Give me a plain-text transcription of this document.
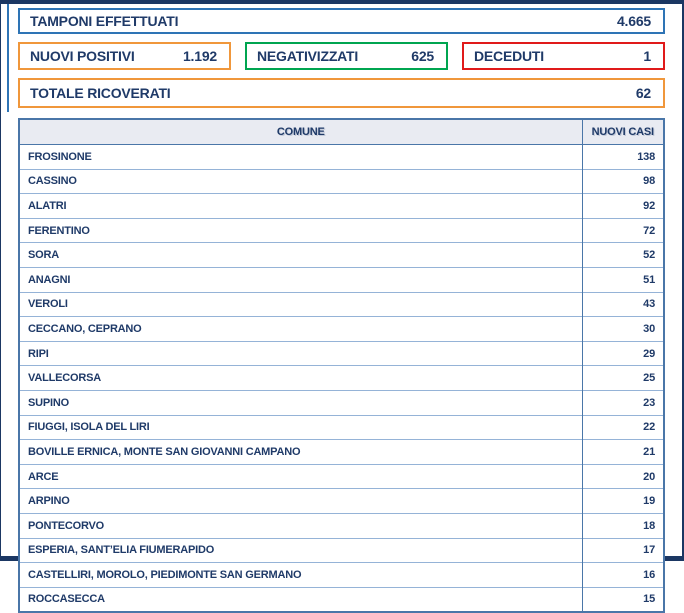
TAMPONI EFFETTUATI	4.665
NUOVI POSITIVI	1.192	NEGATIVIZZATI	625	DECEDUTI	1
TOTALE RICOVERATI	62
COMUNE	NUOVI CASI
FROSINONE	138
CASSINO	98
ALATRI	92
FERENTINO	72
SORA	52
ANAGNI	51
VEROLI	43
CECCANO, CEPRANO	30
RIPI	29
VALLECORSA	25
SUPINO	23
FIUGGI, ISOLA DEL LIRI	22
BOVILLE ERNICA, MONTE SAN GIOVANNI CAMPANO	21
ARCE	20
ARPINO	19
PONTECORVO	18
ESPERIA, SANT’ELIA FIUMERAPIDO	17
CASTELLIRI, MOROLO, PIEDIMONTE SAN GERMANO	16
ROCCASECCA	15
